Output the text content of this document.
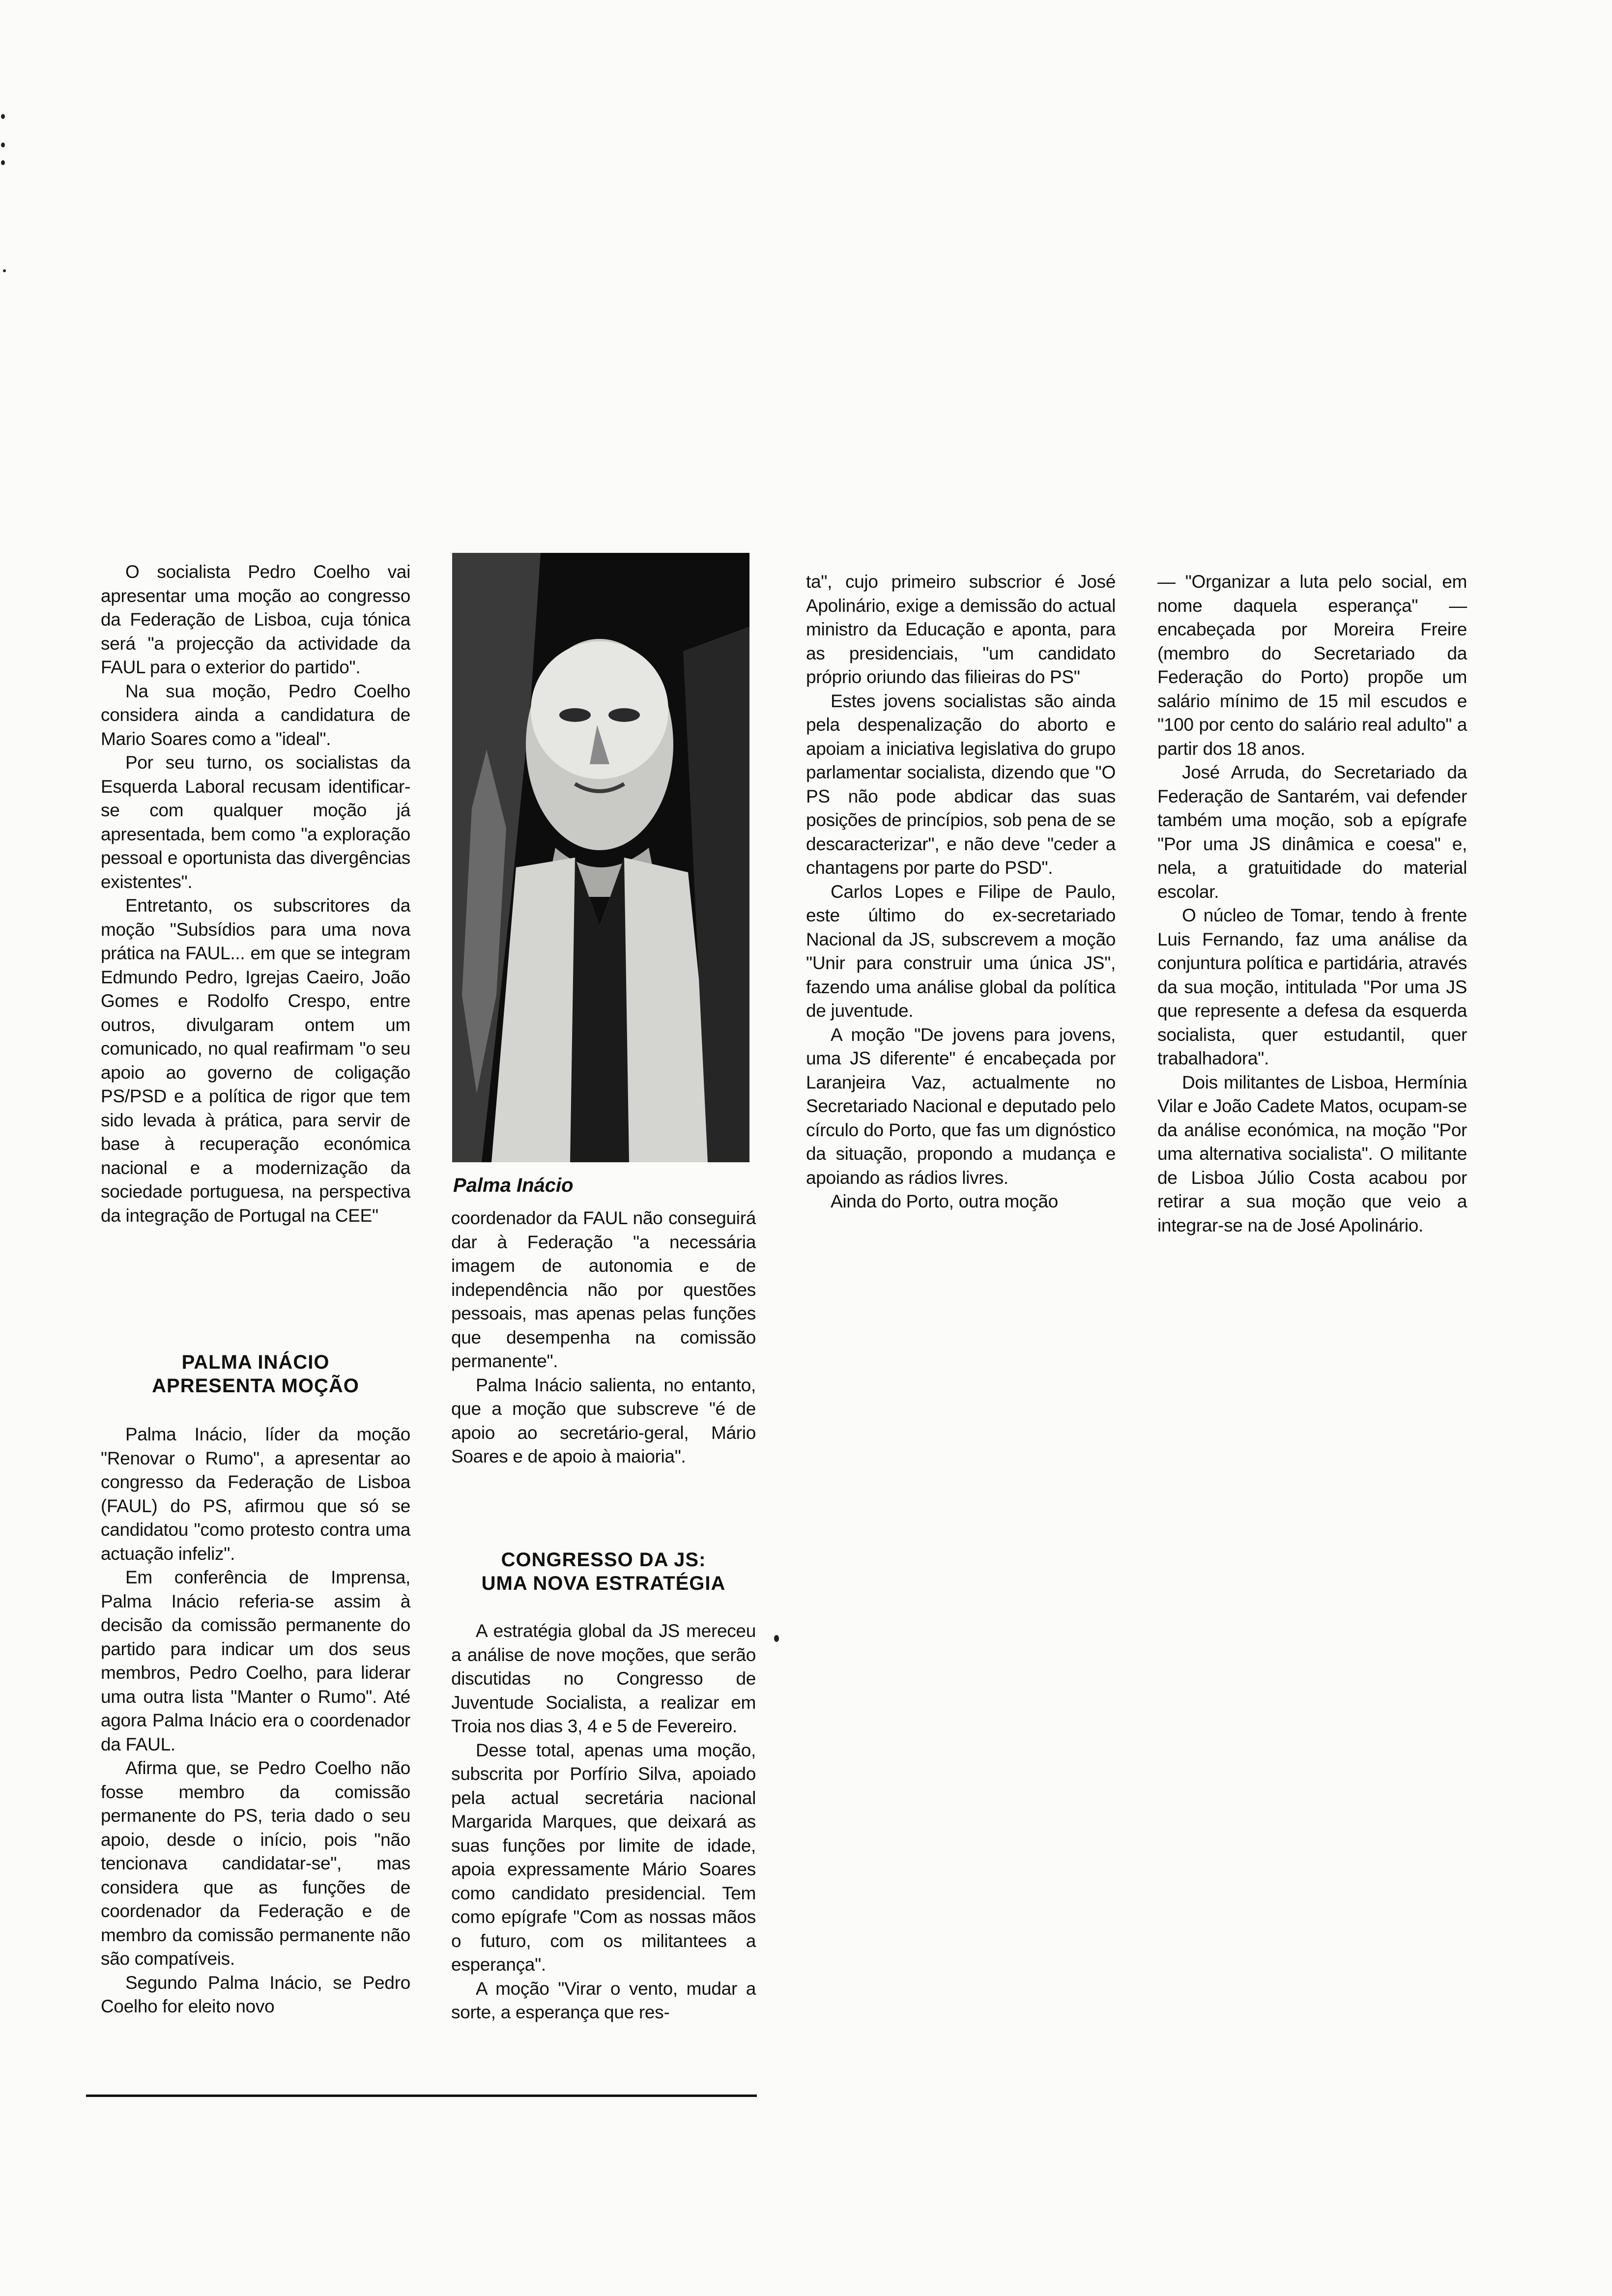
O socialista Pedro Coelho vai apresentar uma moção ao congresso da Federação de Lisboa, cuja tónica será "a projecção da actividade da FAUL para o exterior do partido".

Na sua moção, Pedro Coelho considera ainda a candidatura de Mario Soares como a "ideal".

Por seu turno, os socialistas da Esquerda Laboral recusam identificar-se com qualquer moção já apresentada, bem como "a exploração pessoal e oportunista das divergências existentes".

Entretanto, os subscritores da moção "Subsídios para uma nova prática na FAUL... em que se integram Edmundo Pedro, Igrejas Caeiro, João Gomes e Rodolfo Crespo, entre outros, divulgaram ontem um comunicado, no qual reafirmam "o seu apoio ao governo de coligação PS/PSD e a política de rigor que tem sido levada à prática, para servir de base à recuperação económica nacional e a modernização da sociedade portuguesa, na perspectiva da integração de Portugal na CEE"

PALMA INÁCIO
APRESENTA MOÇÃO

Palma Inácio, líder da moção "Renovar o Rumo", a apresentar ao congresso da Federação de Lisboa (FAUL) do PS, afirmou que só se candidatou "como protesto contra uma actuação infeliz".

Em conferência de Imprensa, Palma Inácio referia-se assim à decisão da comissão permanente do partido para indicar um dos seus membros, Pedro Coelho, para liderar uma outra lista "Manter o Rumo". Até agora Palma Inácio era o coordenador da FAUL.

Afirma que, se Pedro Coelho não fosse membro da comissão permanente do PS, teria dado o seu apoio, desde o início, pois "não tencionava candidatar-se", mas considera que as funções de coordenador da Federação e de membro da comissão permanente não são compatíveis.

Segundo Palma Inácio, se Pedro Coelho for eleito novo

Palma Inácio

coordenador da FAUL não conseguirá dar à Federação "a necessária imagem de autonomia e de independência não por questões pessoais, mas apenas pelas funções que desempenha na comissão permanente".

Palma Inácio salienta, no entanto, que a moção que subscreve "é de apoio ao secretário-geral, Mário Soares e de apoio à maioria".

CONGRESSO DA JS:
UMA NOVA ESTRATÉGIA

A estratégia global da JS mereceu a análise de nove moções, que serão discutidas no Congresso de Juventude Socialista, a realizar em Troia nos dias 3, 4 e 5 de Fevereiro.

Desse total, apenas uma moção, subscrita por Porfírio Silva, apoiado pela actual secretária nacional Margarida Marques, que deixará as suas funções por limite de idade, apoia expressamente Mário Soares como candidato presidencial. Tem como epígrafe "Com as nossas mãos o futuro, com os militantees a esperança".

A moção "Virar o vento, mudar a sorte, a esperança que res-

ta", cujo primeiro subscrior é José Apolinário, exige a demissão do actual ministro da Educação e aponta, para as presidenciais, "um candidato próprio oriundo das filieiras do PS"

Estes jovens socialistas são ainda pela despenalização do aborto e apoiam a iniciativa legislativa do grupo parlamentar socialista, dizendo que "O PS não pode abdicar das suas posições de princípios, sob pena de se descaracterizar", e não deve "ceder a chantagens por parte do PSD".

Carlos Lopes e Filipe de Paulo, este último do ex-secretariado Nacional da JS, subscrevem a moção "Unir para construir uma única JS", fazendo uma análise global da política de juventude.

A moção "De jovens para jovens, uma JS diferente" é encabeçada por Laranjeira Vaz, actualmente no Secretariado Nacional e deputado pelo círculo do Porto, que fas um dignóstico da situação, propondo a mudança e apoiando as rádios livres.

Ainda do Porto, outra moção

— "Organizar a luta pelo social, em nome daquela esperança" — encabeçada por Moreira Freire (membro do Secretariado da Federação do Porto) propõe um salário mínimo de 15 mil escudos e "100 por cento do salário real adulto" a partir dos 18 anos.

José Arruda, do Secretariado da Federação de Santarém, vai defender também uma moção, sob a epígrafe "Por uma JS dinâmica e coesa" e, nela, a gratuitidade do material escolar.

O núcleo de Tomar, tendo à frente Luis Fernando, faz uma análise da conjuntura política e partidária, através da sua moção, intitulada "Por uma JS que represente a defesa da esquerda socialista, quer estudantil, quer trabalhadora".

Dois militantes de Lisboa, Hermínia Vilar e João Cadete Matos, ocupam-se da análise económica, na moção "Por uma alternativa socialista". O militante de Lisboa Júlio Costa acabou por retirar a sua moção que veio a integrar-se na de José Apolinário.
